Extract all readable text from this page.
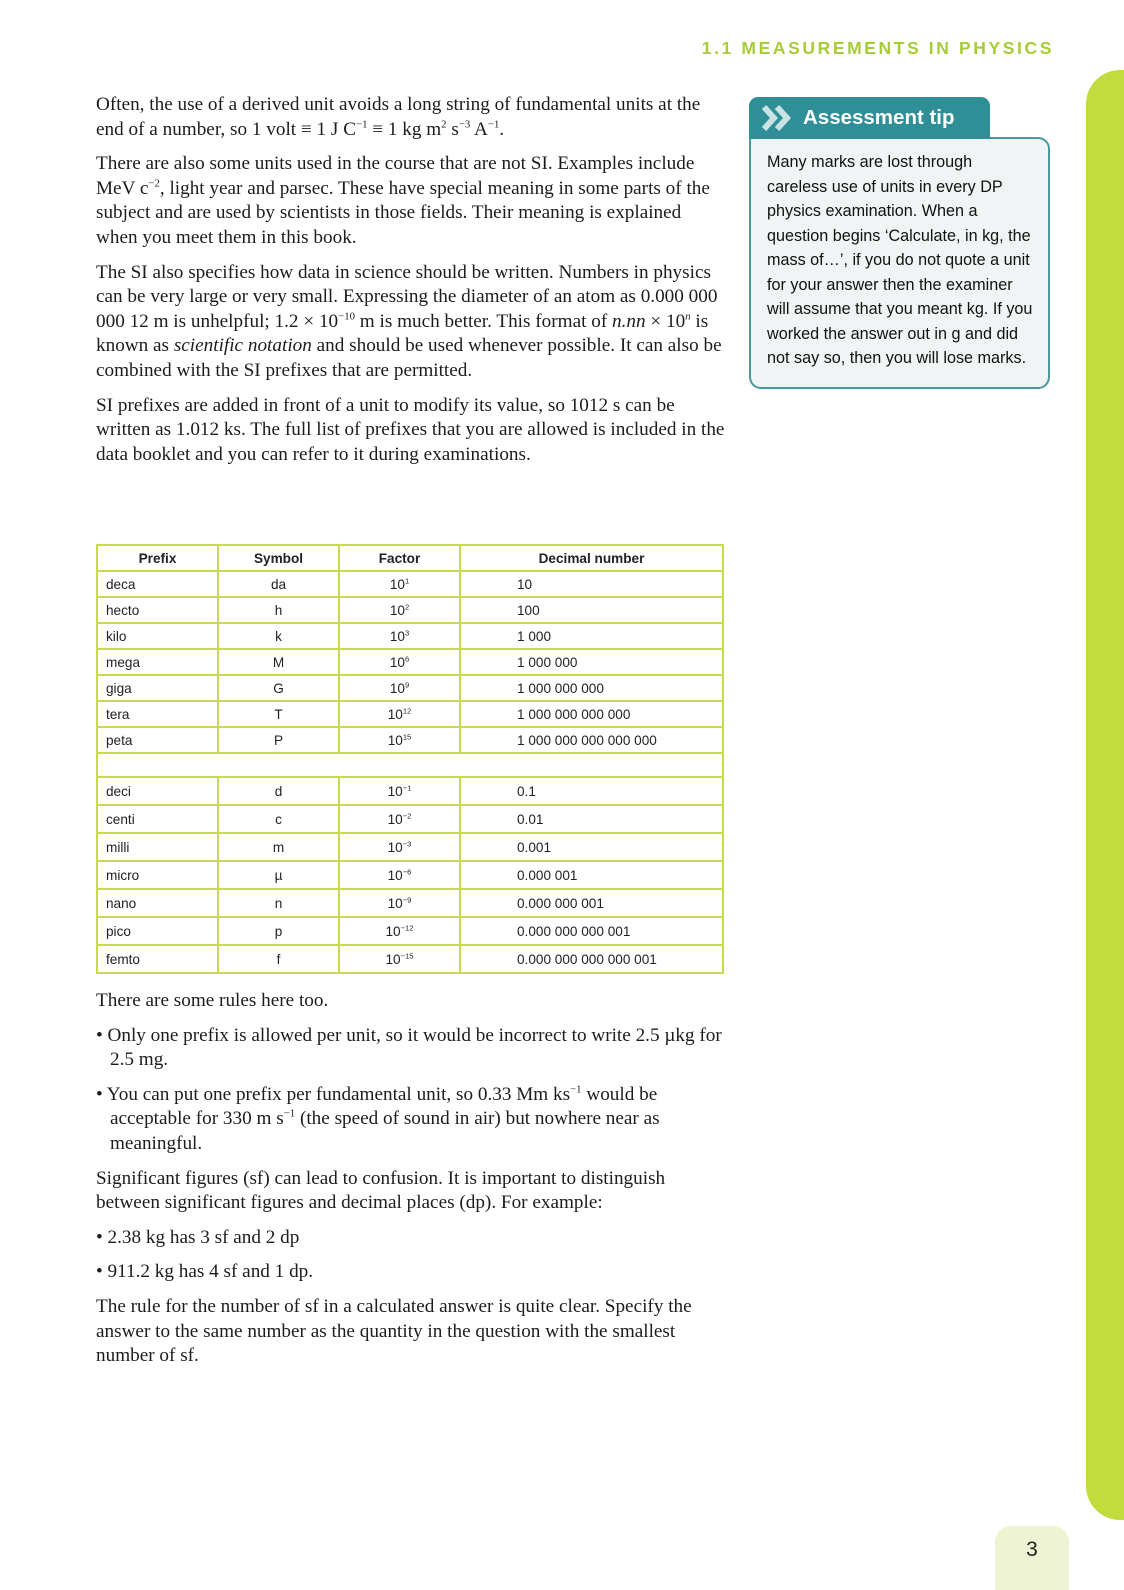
1.1 MEASUREMENTS IN PHYSICS
3
Assessment tip
Many marks are lost through careless use of units in every DP physics examination. When a question begins ‘Calculate, in kg, the mass of…’, if you do not quote a unit for your answer then the examiner will assume that you meant kg. If you worked the answer out in g and did not say so, then you will lose marks.

Often, the use of a derived unit avoids a long string of fundamental units at the end of a number, so 1 volt ≡ 1 J $C^{-1} \equiv 1$ kg $m^2$ $s^{-3}$ $A^{-1}$.

There are also some units used in the course that are not SI. Examples include MeV $c^{-2}$, light year and parsec. These have special meaning in some parts of the subject and are used by scientists in those fields. Their meaning is explained when you meet them in this book.

The SI also specifies how data in science should be written. Numbers in physics can be very large or very small. Expressing the diameter of an atom as 0.000 000 000 12 m is unhelpful; $1.2 \times 10^{-10}$ m is much better. This format of $n.nn \times 10^n$ is known as scientific notation and should be used whenever possible. It can also be combined with the SI prefixes that are permitted.

SI prefixes are added in front of a unit to modify its value, so 1012 s can be written as 1.012 ks. The full list of prefixes that you are allowed is included in the data booklet and you can refer to it during examinations.

Prefix	Symbol	Factor	Decimal number
deca	da	$10^1$	10
hecto	h	$10^2$	100
kilo	k	$10^3$	1 000
mega	M	$10^6$	1 000 000
giga	G	$10^9$	1 000 000 000
tera	T	$10^{12}$	1 000 000 000 000
peta	P	$10^{15}$	1 000 000 000 000 000

deci	d	$10^{-1}$	0.1
centi	c	$10^{-2}$	0.01
milli	m	$10^{-3}$	0.001
micro	µ	$10^{-6}$	0.000 001
nano	n	$10^{-9}$	0.000 000 001
pico	p	$10^{-12}$	0.000 000 000 001
femto	f	$10^{-15}$	0.000 000 000 000 001

There are some rules here too.

• Only one prefix is allowed per unit, so it would be incorrect to write 2.5 µkg for 2.5 mg.

• You can put one prefix per fundamental unit, so 0.33 Mm $ks^{-1}$ would be acceptable for 330 m $s^{-1}$ (the speed of sound in air) but nowhere near as meaningful.

Significant figures (sf) can lead to confusion. It is important to distinguish between significant figures and decimal places (dp). For example:

• 2.38 kg has 3 sf and 2 dp

• 911.2 kg has 4 sf and 1 dp.

The rule for the number of sf in a calculated answer is quite clear. Specify the answer to the same number as the quantity in the question with the smallest number of sf.
